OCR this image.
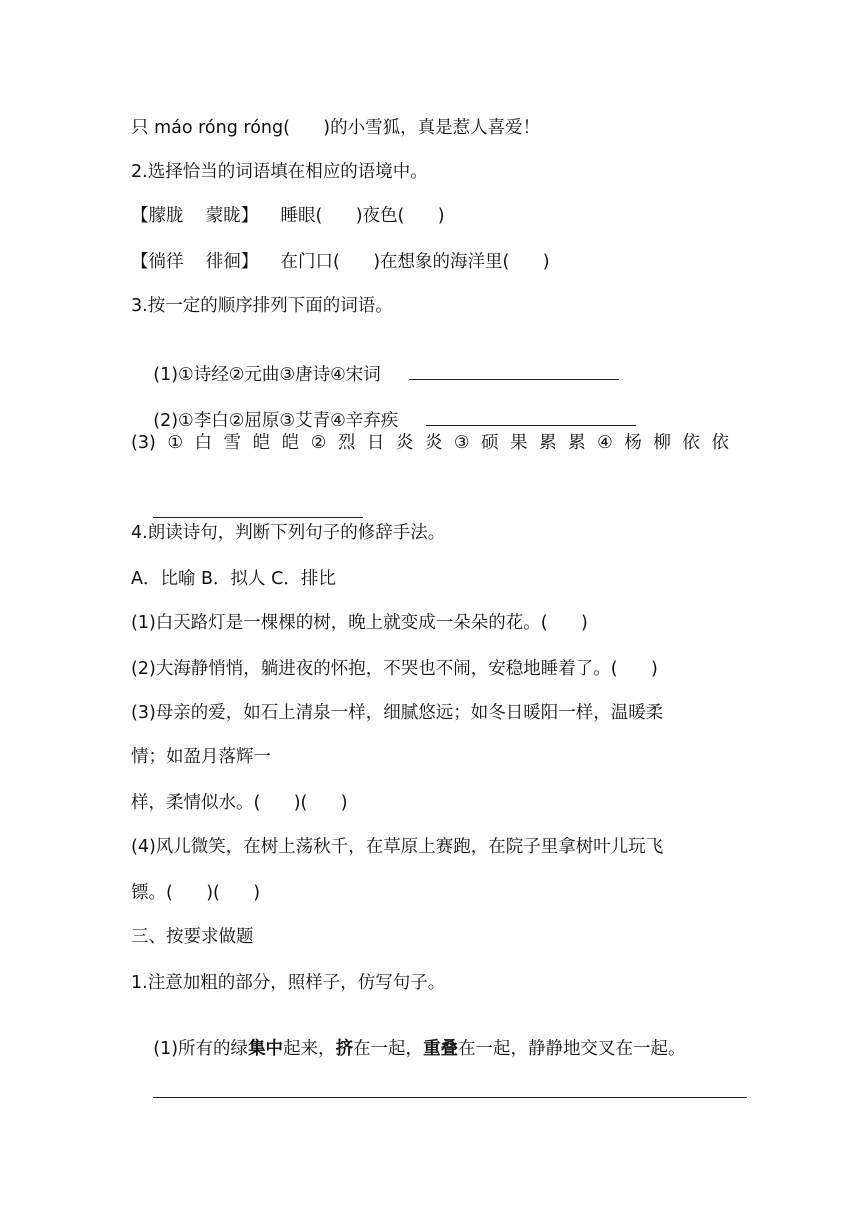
只 máo róng róng(      )的小雪狐，真是惹人喜爱！
2.选择恰当的词语填在相应的语境中。
【朦胧    蒙眬】    睡眼(      )夜色(      )
【徜徉    徘徊】    在门口(      )在想象的海洋里(      )
3.按一定的顺序排列下面的词语。

(1)①诗经②元曲③唐诗④宋词

(2)①李白②屈原③艾青④辛弃疾

(3) ① 白 雪 皑 皑 ② 烈 日 炎 炎 ③ 硕 果 累 累 ④ 杨 柳 依 依

4.朗读诗句，判断下列句子的修辞手法。
A．比喻 B．拟人 C．排比
(1)白天路灯是一棵棵的树，晚上就变成一朵朵的花。(      )
(2)大海静悄悄，躺进夜的怀抱，不哭也不闹，安稳地睡着了。(      )
(3)母亲的爱，如石上清泉一样，细腻悠远；如冬日暖阳一样，温暖柔
情；如盈月落辉一
样，柔情似水。(      )(      )
(4)风儿微笑，在树上荡秋千，在草原上赛跑，在院子里拿树叶儿玩飞
镖。(      )(      )
三、按要求做题
1.注意加粗的部分，照样子，仿写句子。

(1)所有的绿集中起来，挤在一起，重叠在一起，静静地交叉在一起。
